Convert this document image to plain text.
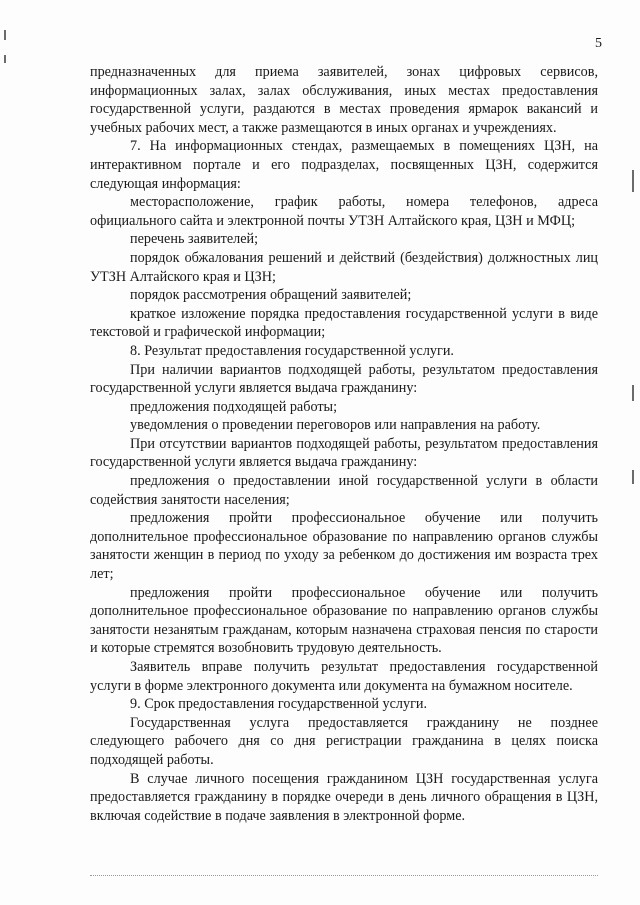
5

предназначенных для приема заявителей, зонах цифровых сервисов, информационных залах, залах обслуживания, иных местах предоставления государственной услуги, раздаются в местах проведения ярмарок вакансий и учебных рабочих мест, а также размещаются в иных органах и учреждениях.

7. На информационных стендах, размещаемых в помещениях ЦЗН, на интерактивном портале и его подразделах, посвященных ЦЗН, содержится следующая информация:

месторасположение, график работы, номера телефонов, адреса официального сайта и электронной почты УТЗН Алтайского края, ЦЗН и МФЦ;

перечень заявителей;

порядок обжалования решений и действий (бездействия) должностных лиц УТЗН Алтайского края и ЦЗН;

порядок рассмотрения обращений заявителей;

краткое изложение порядка предоставления государственной услуги в виде текстовой и графической информации;

8. Результат предоставления государственной услуги.

При наличии вариантов подходящей работы, результатом предоставления государственной услуги является выдача гражданину:

предложения подходящей работы;

уведомления о проведении переговоров или направления на работу.

При отсутствии вариантов подходящей работы, результатом предоставления государственной услуги является выдача гражданину:

предложения о предоставлении иной государственной услуги в области содействия занятости населения;

предложения пройти профессиональное обучение или получить дополнительное профессиональное образование по направлению органов службы занятости женщин в период по уходу за ребенком до достижения им возраста трех лет;

предложения пройти профессиональное обучение или получить дополнительное профессиональное образование по направлению органов службы занятости незанятым гражданам, которым назначена страховая пенсия по старости и которые стремятся возобновить трудовую деятельность.

Заявитель вправе получить результат предоставления государственной услуги в форме электронного документа или документа на бумажном носителе.

9. Срок предоставления государственной услуги.

Государственная услуга предоставляется гражданину не позднее следующего рабочего дня со дня регистрации гражданина в целях поиска подходящей работы.

В случае личного посещения гражданином ЦЗН государственная услуга предоставляется гражданину в порядке очереди в день личного обращения в ЦЗН, включая содействие в подаче заявления в электронной форме.
